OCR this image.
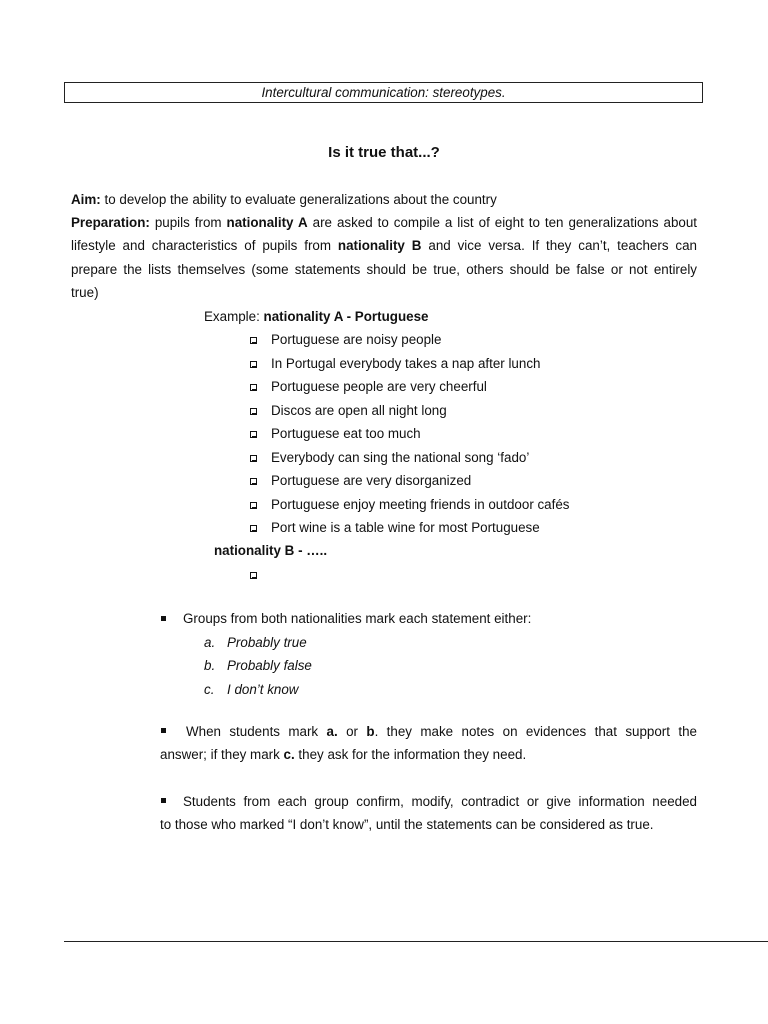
Intercultural communication: stereotypes.
Is it true that...?
Aim: to develop the ability to evaluate generalizations about the country
Preparation: pupils from nationality A are asked to compile a list of eight to ten generalizations about
lifestyle and characteristics of pupils from nationality B and vice versa. If they can’t, teachers can
prepare the lists themselves (some statements should be true, others should be false or not entirely
true)
Example: nationality A - Portuguese
Portuguese are noisy people
In Portugal everybody takes a nap after lunch
Portuguese people are very cheerful
Discos are open all night long
Portuguese eat too much
Everybody can sing the national song ‘fado’
Portuguese are very disorganized
Portuguese enjoy meeting friends in outdoor cafés
Port wine is a table wine for most Portuguese
nationality B - …..
Groups from both nationalities mark each statement either:
a. Probably true
b. Probably false
c. I don’t know
When students mark a. or b. they make notes on evidences that support the
answer; if they mark c. they ask for the information they need.
Students from each group confirm, modify, contradict or give information needed
to those who marked “I don’t know”, until the statements can be considered as true.
